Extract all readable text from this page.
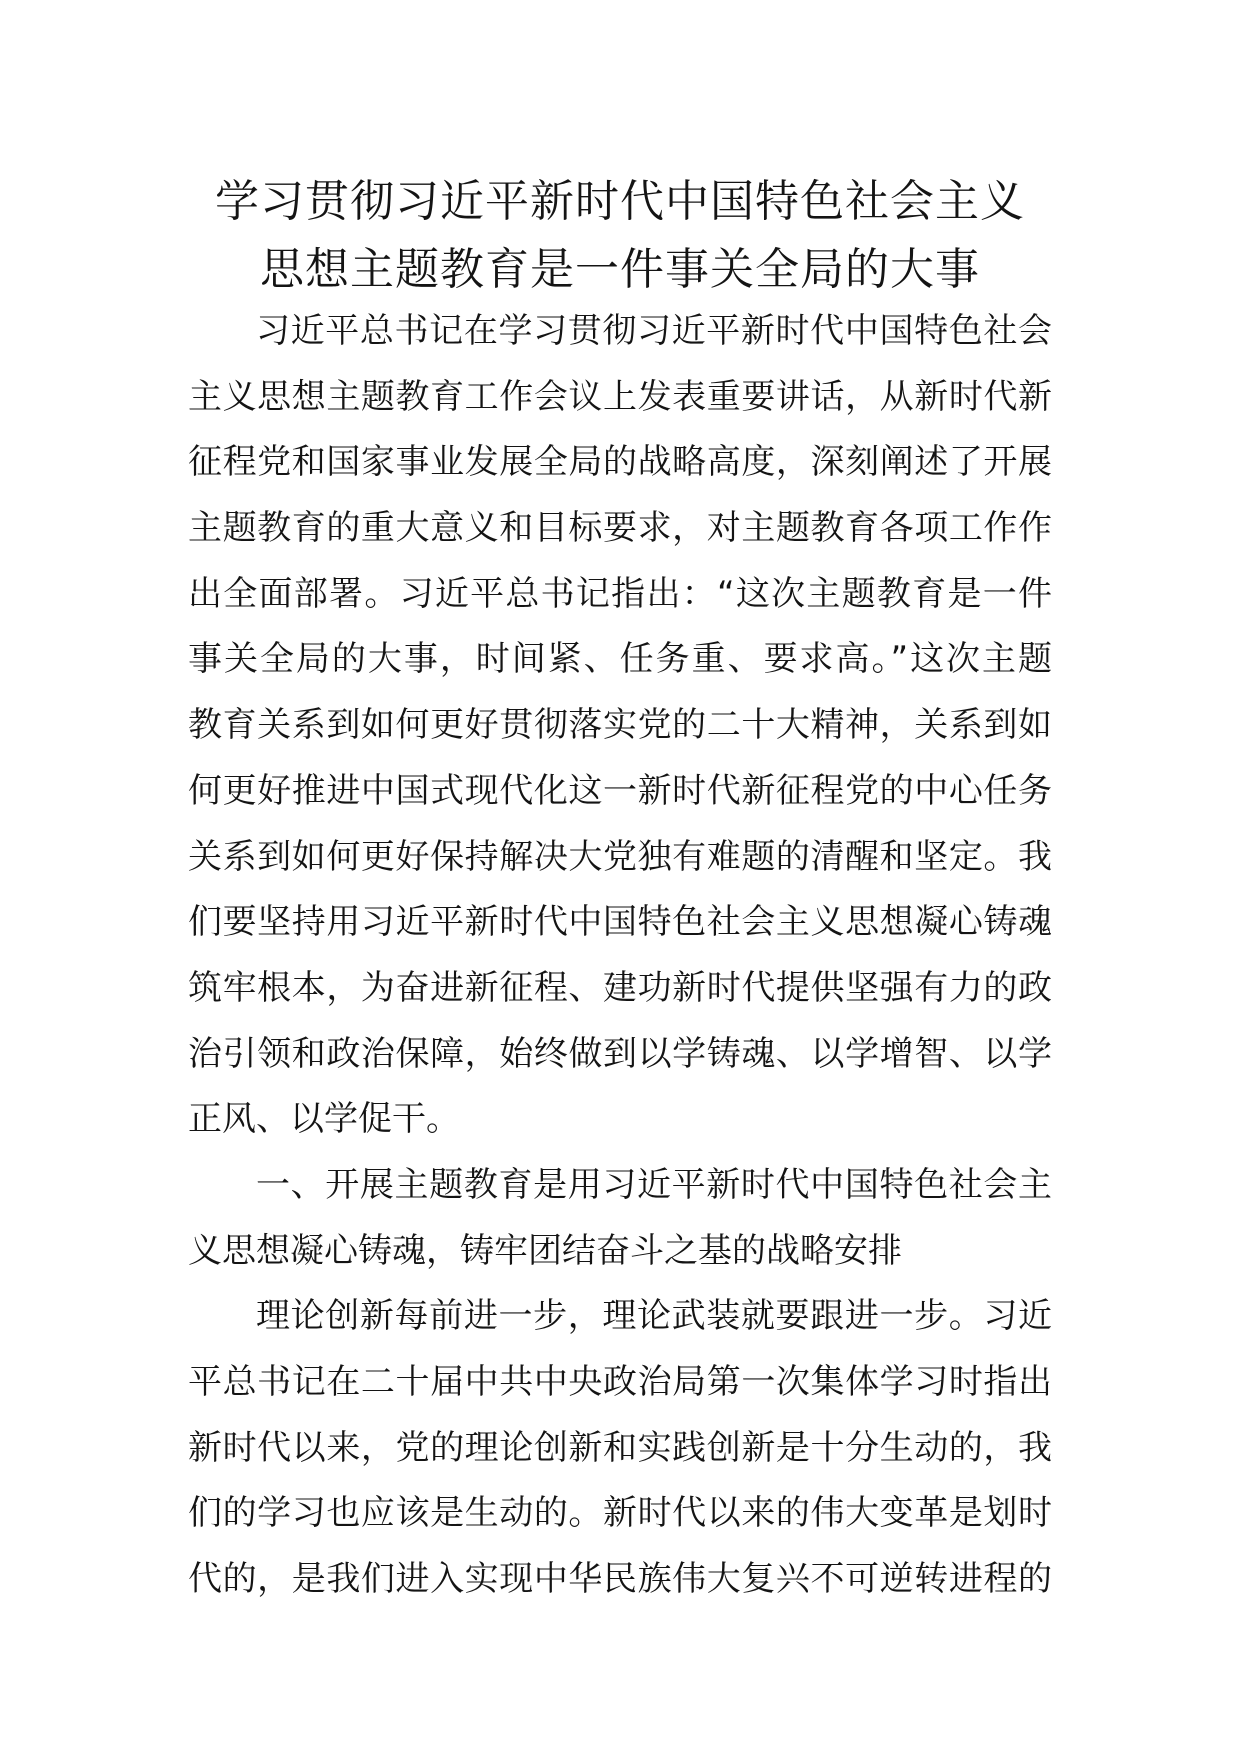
学习贯彻习近平新时代中国特色社会主义
思想主题教育是一件事关全局的大事
习近平总书记在学习贯彻习近平新时代中国特色社会
主义思想主题教育工作会议上发表重要讲话，从新时代新
征程党和国家事业发展全局的战略高度，深刻阐述了开展
主题教育的重大意义和目标要求，对主题教育各项工作作
出全面部署。习近平总书记指出：“这次主题教育是一件
事关全局的大事，时间紧、任务重、要求高。”这次主题
教育关系到如何更好贯彻落实党的二十大精神，关系到如
何更好推进中国式现代化这一新时代新征程党的中心任务
关系到如何更好保持解决大党独有难题的清醒和坚定。我
们要坚持用习近平新时代中国特色社会主义思想凝心铸魂
筑牢根本，为奋进新征程、建功新时代提供坚强有力的政
治引领和政治保障，始终做到以学铸魂、以学增智、以学
正风、以学促干。
一、开展主题教育是用习近平新时代中国特色社会主
义思想凝心铸魂，铸牢团结奋斗之基的战略安排
理论创新每前进一步，理论武装就要跟进一步。习近
平总书记在二十届中共中央政治局第一次集体学习时指出
新时代以来，党的理论创新和实践创新是十分生动的，我
们的学习也应该是生动的。新时代以来的伟大变革是划时
代的，是我们进入实现中华民族伟大复兴不可逆转进程的
